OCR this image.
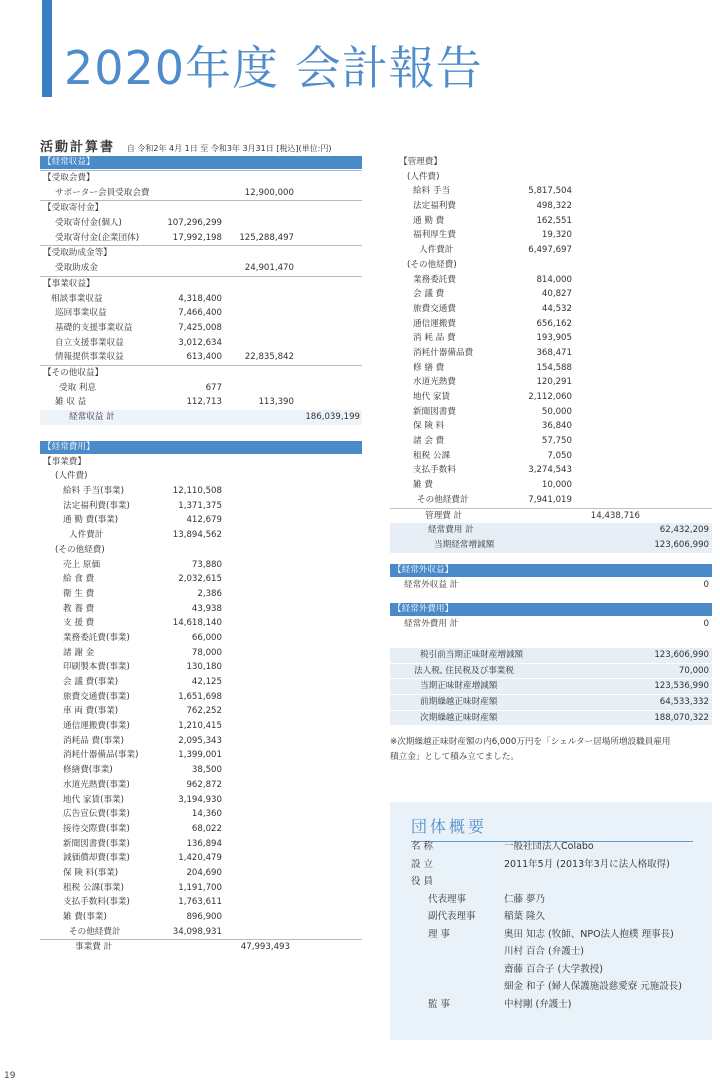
2020年度 会計報告
活動計算書 自 令和2年 4月 1日 至 令和3年 3月31日 [税込](単位:円)
【経常収益】
【受取会費】
サポーター会員受取会費	12,900,000
【受取寄付金】
受取寄付金(個人)	107,296,299
受取寄付金(企業団体)	17,992,198 125,288,497
【受取助成金等】
受取助成金	24,901,470
【事業収益】
相談事業収益	4,318,400
巡回事業収益	7,466,400
基礎的支援事業収益	7,425,008
自立支援事業収益	3,012,634
情報提供事業収益	613,400	22,835,842
【その他収益】
受取 利息	677
雑 収 益	112,713	113,390
経常収益 計	186,039,199
【経常費用】
【事業費】
(人件費)
給料 手当(事業)	12,110,508
法定福利費(事業)	1,371,375
通 勤 費(事業)	412,679
人件費計	13,894,562
(その他経費)
売上 原価	73,880
給 食 費	2,032,615
衛 生 費	2,386
教 養 費	43,938
支 援 費	14,618,140
業務委託費(事業)	66,000
諸 謝 金	78,000
印刷製本費(事業)	130,180
会 議 費(事業)	42,125
旅費交通費(事業)	1,651,698
車 両 費(事業)	762,252
通信運搬費(事業)	1,210,415
消耗品 費(事業)	2,095,343
消耗什器備品(事業)	1,399,001
修繕費(事業)	38,500
水道光熱費(事業)	962,872
地代 家賃(事業)	3,194,930
広告宣伝費(事業)	14,360
接待交際費(事業)	68,022
新聞図書費(事業)	136,894
減価償却費(事業)	1,420,479
保 険 料(事業)	204,690
租税 公課(事業)	1,191,700
支払手数料(事業)	1,763,611
雑 費(事業)	896,900
その他経費計	34,098,931
事業費 計	47,993,493
【管理費】
(人件費)
給料 手当	5,817,504
法定福利費	498,322
通 勤 費	162,551
福利厚生費	19,320
人件費計	6,497,697
(その他経費)
業務委託費	814,000
会 議 費	40,827
旅費交通費	44,532
通信運搬費	656,162
消 耗 品 費	193,905
消耗什器備品費	368,471
修 繕 費	154,588
水道光熱費	120,291
地代 家賃	2,112,060
新聞図書費	50,000
保 険 料	36,840
諸 会 費	57,750
租税 公課	7,050
支払手数料	3,274,543
雑 費	10,000
その他経費計	7,941,019
管理費 計	14,438,716
経常費用 計	62,432,209
当期経常増減額	123,606,990
【経常外収益】
経常外収益 計	0
【経常外費用】
経常外費用 計	0
税引前当期正味財産増減額	123,606,990
法人税, 住民税及び事業税	70,000
当期正味財産増減額	123,536,990
前期繰越正味財産額	64,533,332
次期繰越正味財産額	188,070,322
※次期繰越正味財産額の内6,000万円を「シェルター居場所増設職員雇用
積立金」として積み立てました。
団体概要
名 称	一般社団法人Colabo
設 立	2011年5月 (2013年3月に法人格取得)
役 員
代表理事	仁藤 夢乃
副代表理事	稲葉 隆久
理 事	奥田 知志 (牧師、NPO法人抱樸 理事長)
川村 百合 (弁護士)
齋藤 百合子 (大学教授)
細金 和子 (婦人保護施設慈愛寮 元施設長)
監 事	中村剛 (弁護士)
19
